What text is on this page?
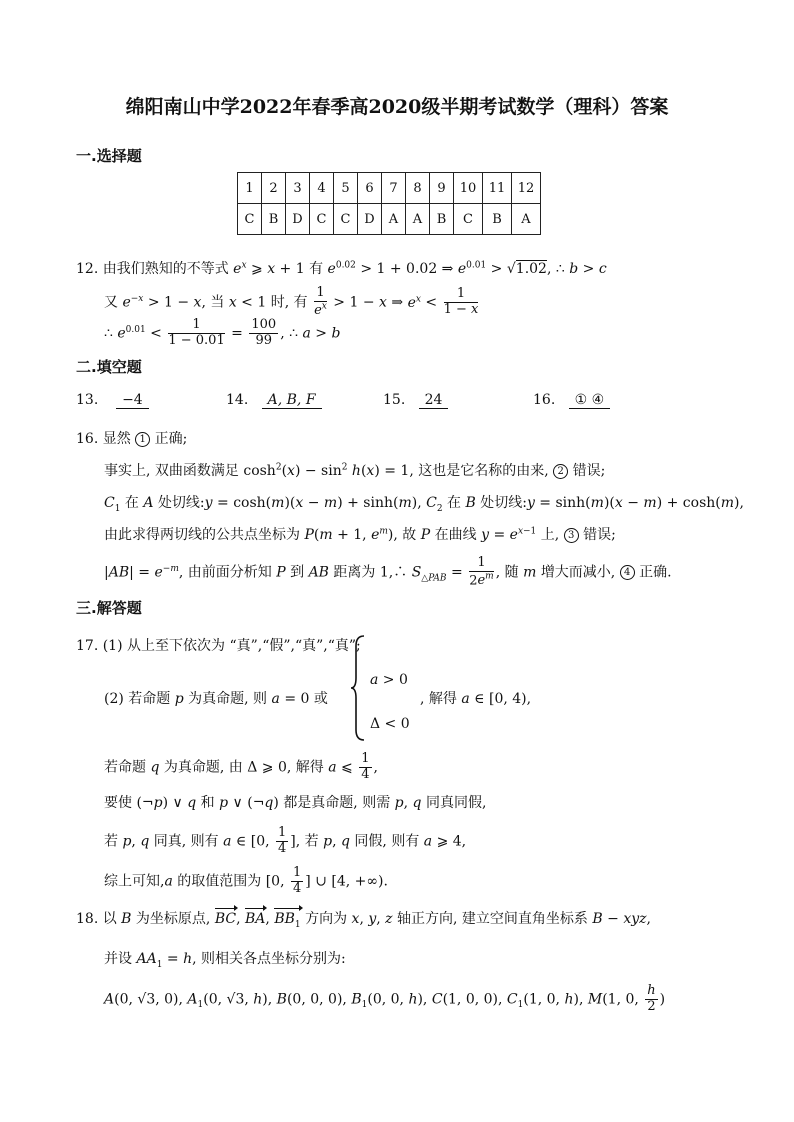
绵阳南山中学2022年春季高2020级半期考试数学（理科）答案
一.选择题
1	2	3	4	5	6	7	8	9	10	11	12
C	B	D	C	C	D	A	A	B	C	B	A
12. 由我们熟知的不等式 $e^x$ ⩾ x + 1 有 $e^{0.02} > 1 + 0.02$ ⇒ $e^{0.01} > √1.02$, ∴ b > c
又 $e^{-x} > 1 - x$, 当 x < 1 时, 有 $\frac{1}{e^x} > 1 - x$ ⇒ $e^x < \frac{1}{1 - x}$
∴ $e^{0.01} < \frac{1}{1 - 0.01} = \frac{100}{99}$ , ∴ a > b
二.填空题
13. −4	14. A, B, F	15. 24	16. ① ④
16. 显然 1 正确;
事实上, 双曲函数满足 $\cosh^2(x) - \sin^2 h(x) = 1$, 这也是它名称的由来, 2 错误;
$C_1$ 在 A 处切线:y = cosh(m)(x − m) + sinh(m), $C_2$ 在 B 处切线:y = sinh(m)(x − m) + cosh(m),
由此求得两切线的公共点坐标为 P(m + 1, $e^m$), 故 P 在曲线 $y = e^{x-1}$ 上, 3 错误;
$|AB| = e^{-m}$, 由前面分析知 P 到 AB 距离为 1,∴ $S_{\triangle PAB} = \frac{1}{2e^m}$ , 随 m 增大而减小, 4 正确.
三.解答题
17. (1) 从上至下依次为 “真”,“假”,“真”,“真”;
(2) 若命题 p 为真命题, 则 a = 0 或
a > 0
Δ < 0
, 解得 a ∈ [0, 4),
若命题 q 为真命题, 由 Δ ⩾ 0, 解得 a ⩽ $\frac{1}{4}$ ,
要使 (¬p) ∨ q 和 p ∨ (¬q) 都是真命题, 则需 p, q 同真同假,
若 p, q 同真, 则有 a ∈ [0, $\frac{1}{4}$ ], 若 p, q 同假, 则有 a ⩾ 4,
综上可知,a 的取值范围为 [0, $\frac{1}{4}$ ] ∪ [4, +∞).
18. 以 B 为坐标原点, BC, BA, $BB_1$ 方向为 x, y, z 轴正方向, 建立空间直角坐标系 B − xyz,
并设 $AA_1 = h$, 则相关各点坐标分别为:
A(0, √3, 0), $A_1(0$, √3, h), B(0, 0, 0), $B_1(0$, 0, h), C(1, 0, 0), $C_1(1$, 0, h), M(1, 0, $\frac{h}{2}$ )
